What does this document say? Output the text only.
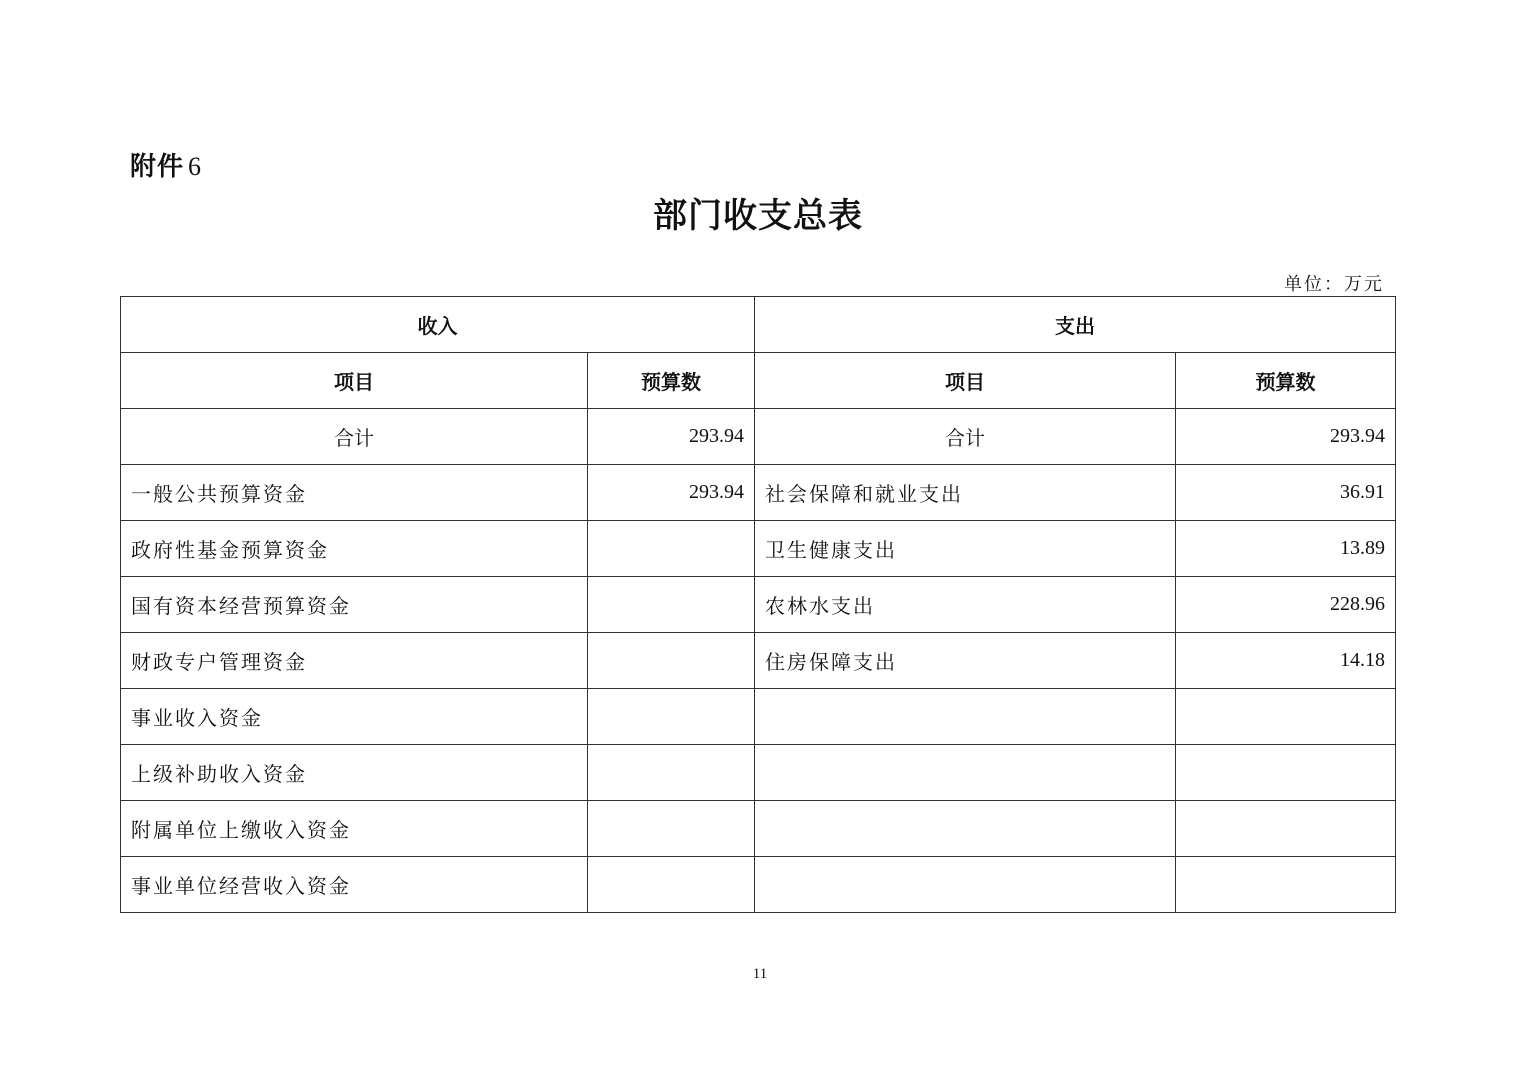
附件 6
部门收支总表
单位：万元
收入		支出	
项目	预算数	项目	预算数
合计	293.94	合计	293.94
一般公共预算资金	293.94	社会保障和就业支出	36.91
政府性基金预算资金		卫生健康支出	13.89
国有资本经营预算资金		农林水支出	228.96
财政专户管理资金		住房保障支出	14.18
事业收入资金			
上级补助收入资金			
附属单位上缴收入资金			
事业单位经营收入资金			
11
